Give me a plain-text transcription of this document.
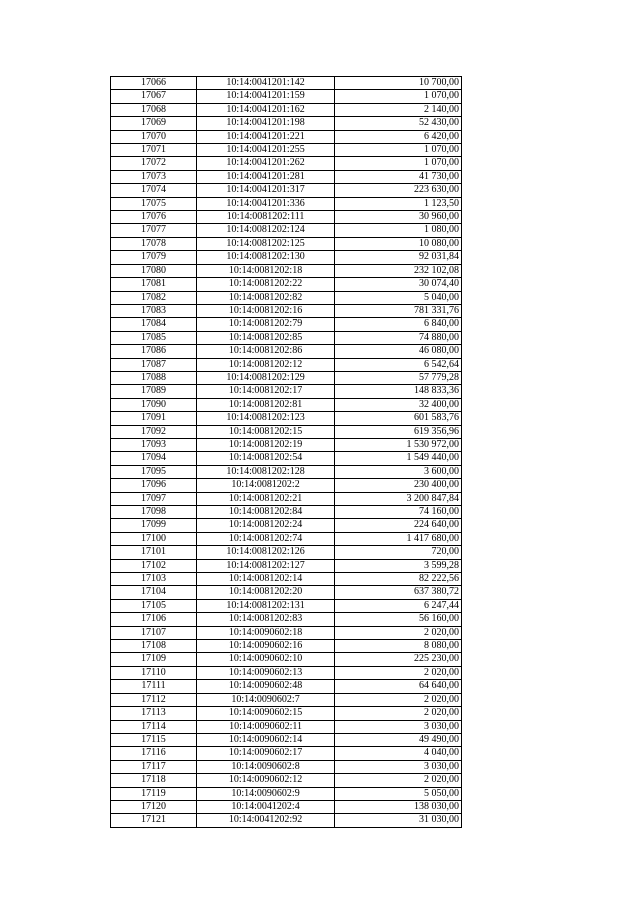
17066	10:14:0041201:142	10 700,00
17067	10:14:0041201:159	1 070,00
17068	10:14:0041201:162	2 140,00
17069	10:14:0041201:198	52 430,00
17070	10:14:0041201:221	6 420,00
17071	10:14:0041201:255	1 070,00
17072	10:14:0041201:262	1 070,00
17073	10:14:0041201:281	41 730,00
17074	10:14:0041201:317	223 630,00
17075	10:14:0041201:336	1 123,50
17076	10:14:0081202:111	30 960,00
17077	10:14:0081202:124	1 080,00
17078	10:14:0081202:125	10 080,00
17079	10:14:0081202:130	92 031,84
17080	10:14:0081202:18	232 102,08
17081	10:14:0081202:22	30 074,40
17082	10:14:0081202:82	5 040,00
17083	10:14:0081202:16	781 331,76
17084	10:14:0081202:79	6 840,00
17085	10:14:0081202:85	74 880,00
17086	10:14:0081202:86	46 080,00
17087	10:14:0081202:12	6 542,64
17088	10:14:0081202:129	57 779,28
17089	10:14:0081202:17	148 833,36
17090	10:14:0081202:81	32 400,00
17091	10:14:0081202:123	601 583,76
17092	10:14:0081202:15	619 356,96
17093	10:14:0081202:19	1 530 972,00
17094	10:14:0081202:54	1 549 440,00
17095	10:14:0081202:128	3 600,00
17096	10:14:0081202:2	230 400,00
17097	10:14:0081202:21	3 200 847,84
17098	10:14:0081202:84	74 160,00
17099	10:14:0081202:24	224 640,00
17100	10:14:0081202:74	1 417 680,00
17101	10:14:0081202:126	720,00
17102	10:14:0081202:127	3 599,28
17103	10:14:0081202:14	82 222,56
17104	10:14:0081202:20	637 380,72
17105	10:14:0081202:131	6 247,44
17106	10:14:0081202:83	56 160,00
17107	10:14:0090602:18	2 020,00
17108	10:14:0090602:16	8 080,00
17109	10:14:0090602:10	225 230,00
17110	10:14:0090602:13	2 020,00
17111	10:14:0090602:48	64 640,00
17112	10:14:0090602:7	2 020,00
17113	10:14:0090602:15	2 020,00
17114	10:14:0090602:11	3 030,00
17115	10:14:0090602:14	49 490,00
17116	10:14:0090602:17	4 040,00
17117	10:14:0090602:8	3 030,00
17118	10:14:0090602:12	2 020,00
17119	10:14:0090602:9	5 050,00
17120	10:14:0041202:4	138 030,00
17121	10:14:0041202:92	31 030,00
